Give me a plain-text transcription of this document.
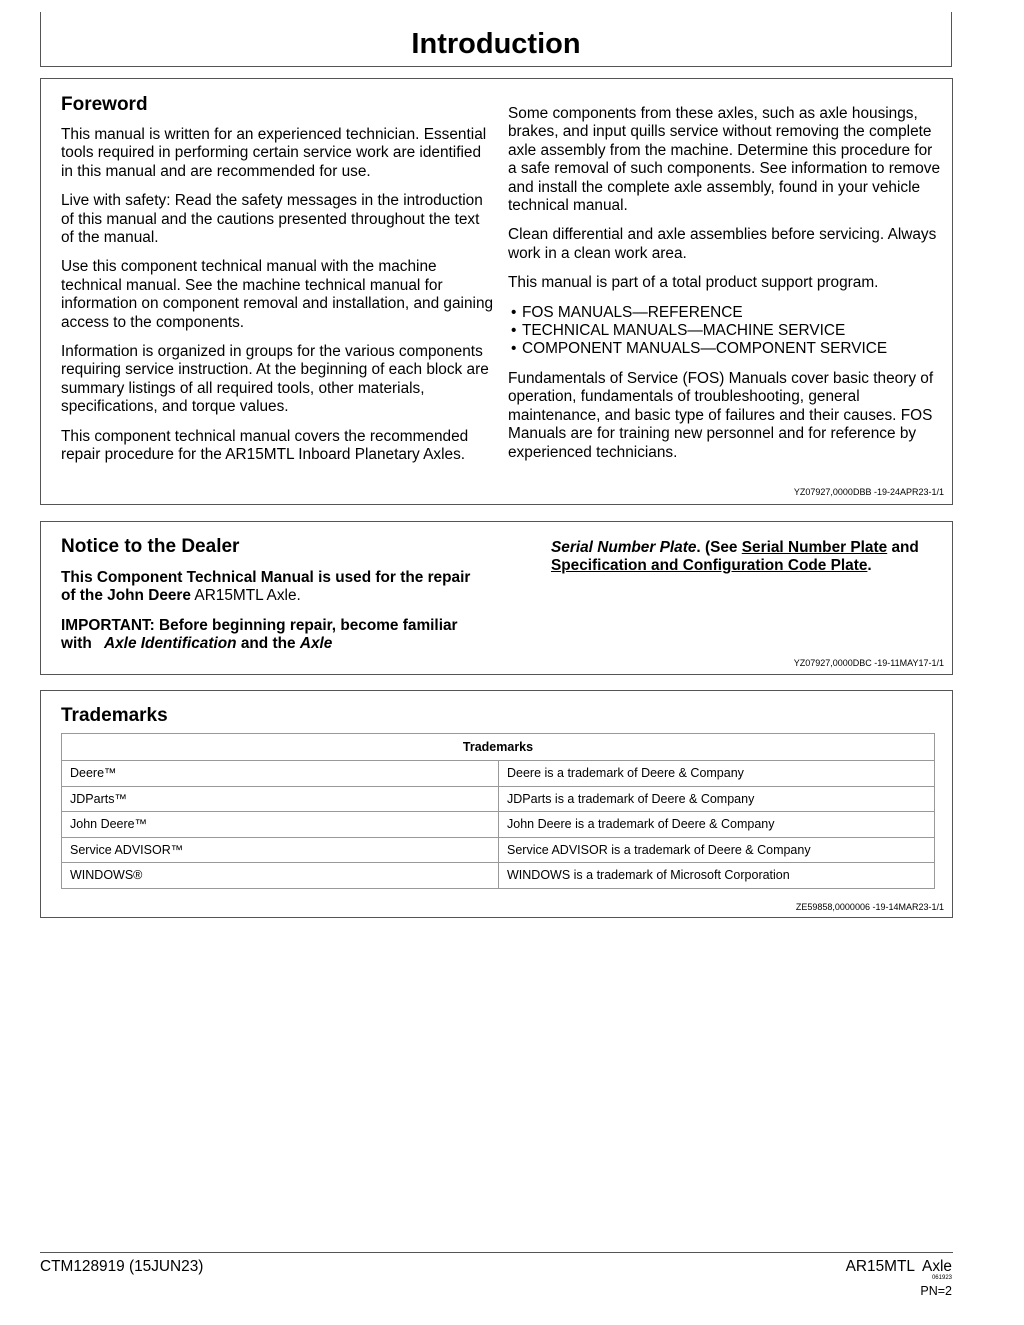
Introduction
Foreword

This manual is written for an experienced technician. Essential tools required in performing certain service work are identified in this manual and are recommended for use.

Live with safety: Read the safety messages in the introduction of this manual and the cautions presented throughout the text of the manual.

Use this component technical manual with the machine technical manual. See the machine technical manual for information on component removal and installation, and gaining access to the components.

Information is organized in groups for the various components requiring service instruction. At the beginning of each block are summary listings of all required tools, other materials, specifications, and torque values.

This component technical manual covers the recommended repair procedure for the AR15MTL Inboard Planetary Axles.

Some components from these axles, such as axle housings, brakes, and input quills service without removing the complete axle assembly from the machine. Determine this procedure for a safe removal of such components. See information to remove and install the complete axle assembly, found in your vehicle technical manual.

Clean differential and axle assemblies before servicing. Always work in a clean work area.

This manual is part of a total product support program.

• FOS MANUALS—REFERENCE
• TECHNICAL MANUALS—MACHINE SERVICE
• COMPONENT MANUALS—COMPONENT SERVICE

Fundamentals of Service (FOS) Manuals cover basic theory of operation, fundamentals of troubleshooting, general maintenance, and basic type of failures and their causes. FOS Manuals are for training new personnel and for reference by experienced technicians.

YZ07927,0000DBB -19-24APR23-1/1
Notice to the Dealer

This Component Technical Manual is used for the repair of the John Deere AR15MTL Axle.

IMPORTANT: Before beginning repair, become familiar with Axle Identification and the Axle
Serial Number Plate. (See Serial Number Plate and Specification and Configuration Code Plate.
YZ07927,0000DBC -19-11MAY17-1/1
Trademarks
Trademarks	
Deere™	Deere is a trademark of Deere & Company
JDParts™	JDParts is a trademark of Deere & Company
John Deere™	John Deere is a trademark of Deere & Company
Service ADVISOR™	Service ADVISOR is a trademark of Deere & Company
WINDOWS®	WINDOWS is a trademark of Microsoft Corporation
ZE59858,0000006 -19-14MAR23-1/1
CTM128919 (15JUN23)	AR15MTL  Axle
061923
PN=2
